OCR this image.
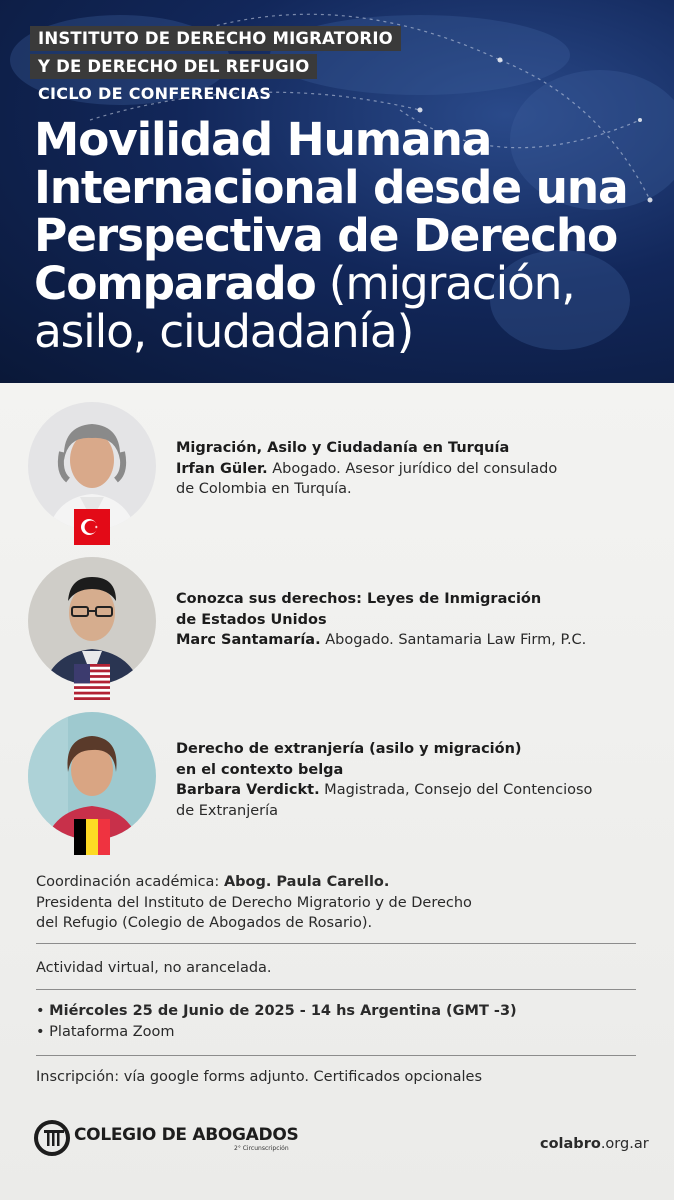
INSTITUTO DE DERECHO MIGRATORIO
Y DE DERECHO DEL REFUGIO
CICLO DE CONFERENCIAS
Movilidad Humana
Internacional desde una
Perspectiva de Derecho
Comparado (migración,
asilo, ciudadanía)
Migración, Asilo y Ciudadanía en Turquía
Irfan Güler. Abogado. Asesor jurídico del consulado
de Colombia en Turquía.
Conozca sus derechos: Leyes de Inmigración
de Estados Unidos
Marc Santamaría. Abogado. Santamaria Law Firm, P.C.
Derecho de extranjería (asilo y migración)
en el contexto belga
Barbara Verdickt. Magistrada, Consejo del Contencioso
de Extranjería
Coordinación académica: Abog. Paula Carello.
Presidenta del Instituto de Derecho Migratorio y de Derecho
del Refugio (Colegio de Abogados de Rosario).
Actividad virtual, no arancelada.
• Miércoles 25 de Junio de 2025 - 14 hs Argentina (GMT -3)
• Plataforma Zoom
Inscripción: vía google forms adjunto. Certificados opcionales
COLEGIO DE ABOGADOS
2° Circunscripción	colabro.org.ar
